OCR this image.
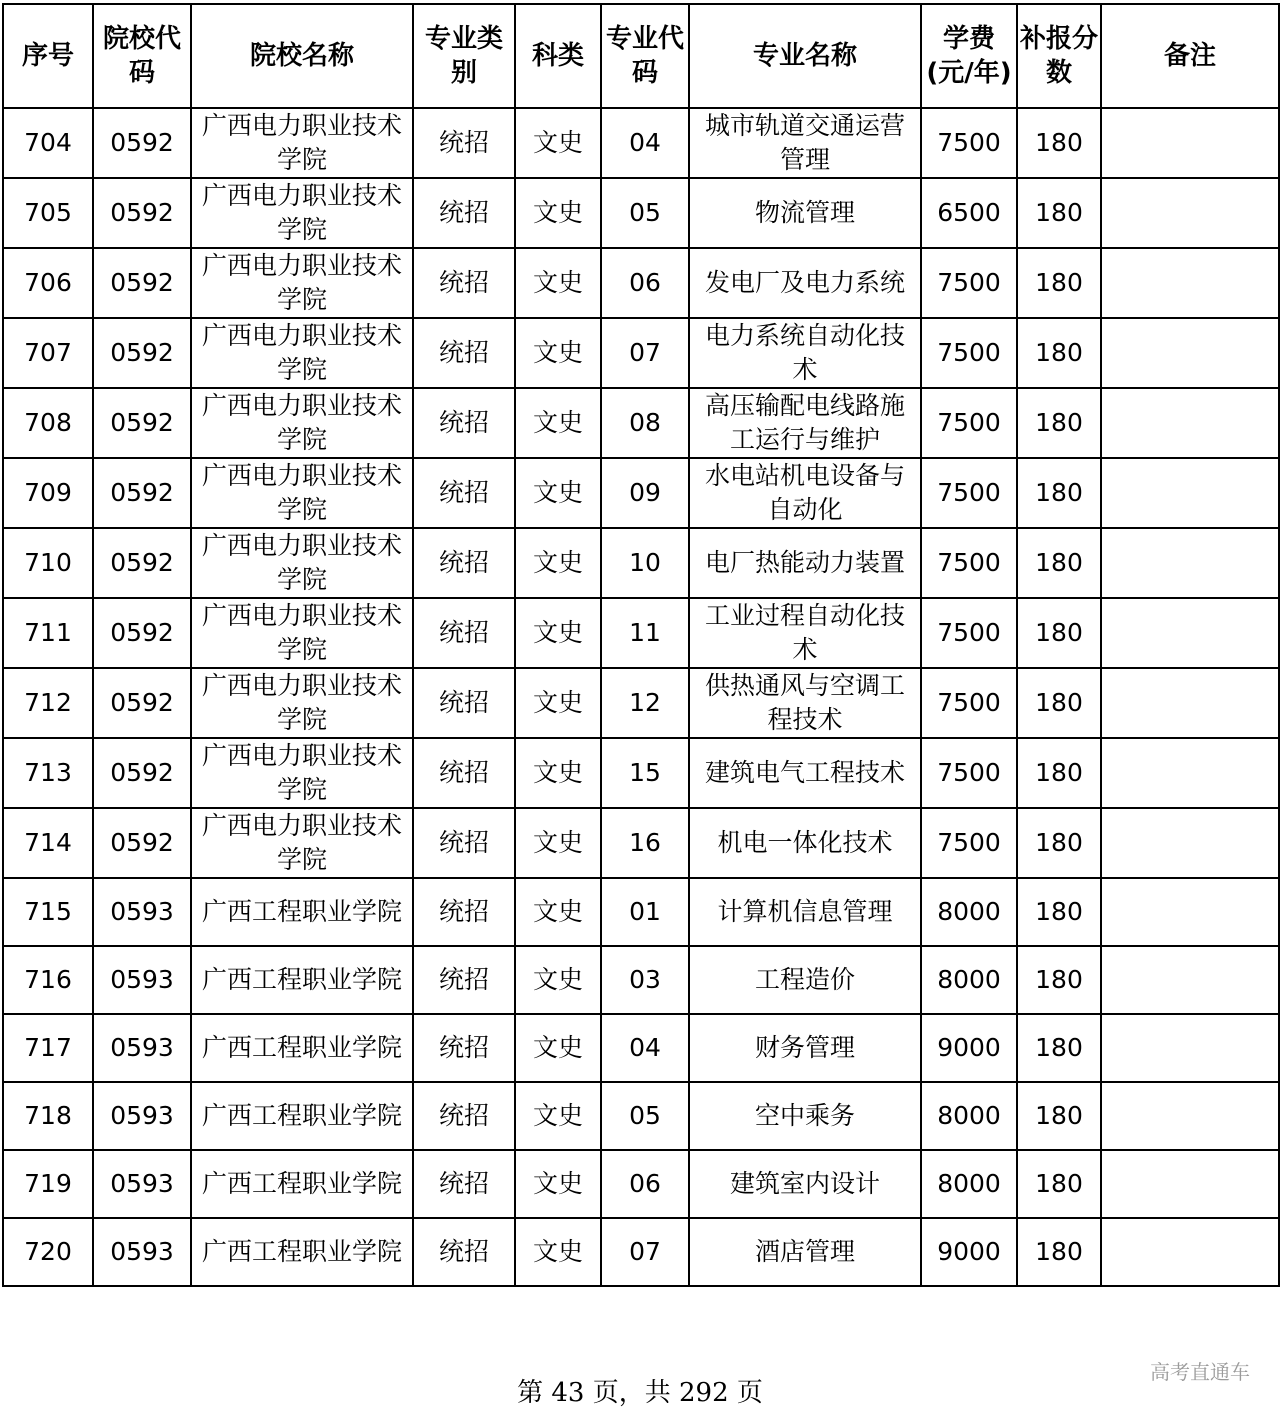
序号	院校代码	院校名称	专业类别	科类	专业代码	专业名称	学费(元/年)	补报分数	备注
704	0592	广西电力职业技术学院	统招	文史	04	城市轨道交通运营管理	7500	180	
705	0592	广西电力职业技术学院	统招	文史	05	物流管理	6500	180	
706	0592	广西电力职业技术学院	统招	文史	06	发电厂及电力系统	7500	180	
707	0592	广西电力职业技术学院	统招	文史	07	电力系统自动化技术	7500	180	
708	0592	广西电力职业技术学院	统招	文史	08	高压输配电线路施工运行与维护	7500	180	
709	0592	广西电力职业技术学院	统招	文史	09	水电站机电设备与自动化	7500	180	
710	0592	广西电力职业技术学院	统招	文史	10	电厂热能动力装置	7500	180	
711	0592	广西电力职业技术学院	统招	文史	11	工业过程自动化技术	7500	180	
712	0592	广西电力职业技术学院	统招	文史	12	供热通风与空调工程技术	7500	180	
713	0592	广西电力职业技术学院	统招	文史	15	建筑电气工程技术	7500	180	
714	0592	广西电力职业技术学院	统招	文史	16	机电一体化技术	7500	180	
715	0593	广西工程职业学院	统招	文史	01	计算机信息管理	8000	180	
716	0593	广西工程职业学院	统招	文史	03	工程造价	8000	180	
717	0593	广西工程职业学院	统招	文史	04	财务管理	9000	180	
718	0593	广西工程职业学院	统招	文史	05	空中乘务	8000	180	
719	0593	广西工程职业学院	统招	文史	06	建筑室内设计	8000	180	
720	0593	广西工程职业学院	统招	文史	07	酒店管理	9000	180	
第 43 页，共 292 页
高考直通车
